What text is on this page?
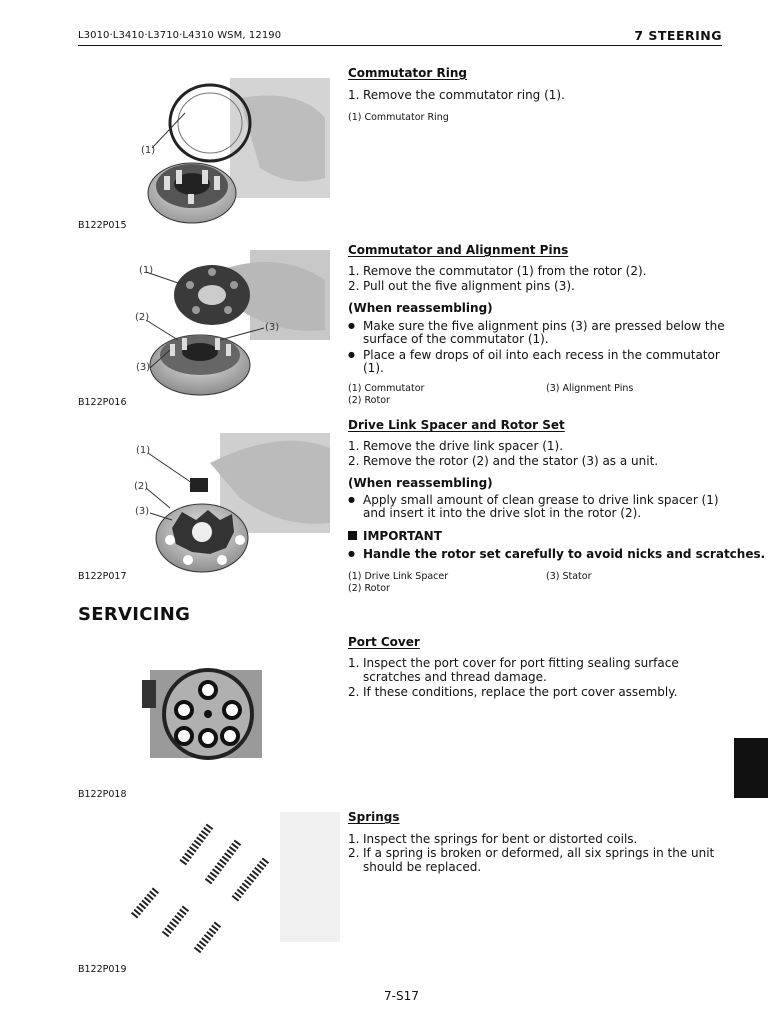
L3010·L3410·L3710·L4310 WSM, 12190	7 STEERING
(1)
B122P015
Commutator Ring
1. Remove the commutator ring (1).
(1) Commutator Ring
(1)
(2)
(3)
(3)
B122P016
Commutator and Alignment Pins
1. Remove the commutator (1) from the rotor (2).
2. Pull out the five alignment pins (3).
(When reassembling)
● Make sure the five alignment pins (3) are pressed below the
surface of the commutator (1).
● Place a few drops of oil into each recess in the commutator
(1).
(1) Commutator
(2) Rotor
(3) Alignment Pins
(1)
(2)
(3)
B122P017
Drive Link Spacer and Rotor Set
1. Remove the drive link spacer (1).
2. Remove the rotor (2) and the stator (3) as a unit.
(When reassembling)
● Apply small amount of clean grease to drive link spacer (1)
and insert it into the drive slot in the rotor (2).
IMPORTANT
● Handle the rotor set carefully to avoid nicks and scratches.
(1) Drive Link Spacer
(2) Rotor
(3) Stator
SERVICING
B122P018
Port Cover
1. Inspect the port cover for port fitting sealing surface
scratches and thread damage.
2. If these conditions, replace the port cover assembly.
B122P019
Springs
1. Inspect the springs for bent or distorted coils.
2. If a spring is broken or deformed, all six springs in the unit
should be replaced.
7-S17
